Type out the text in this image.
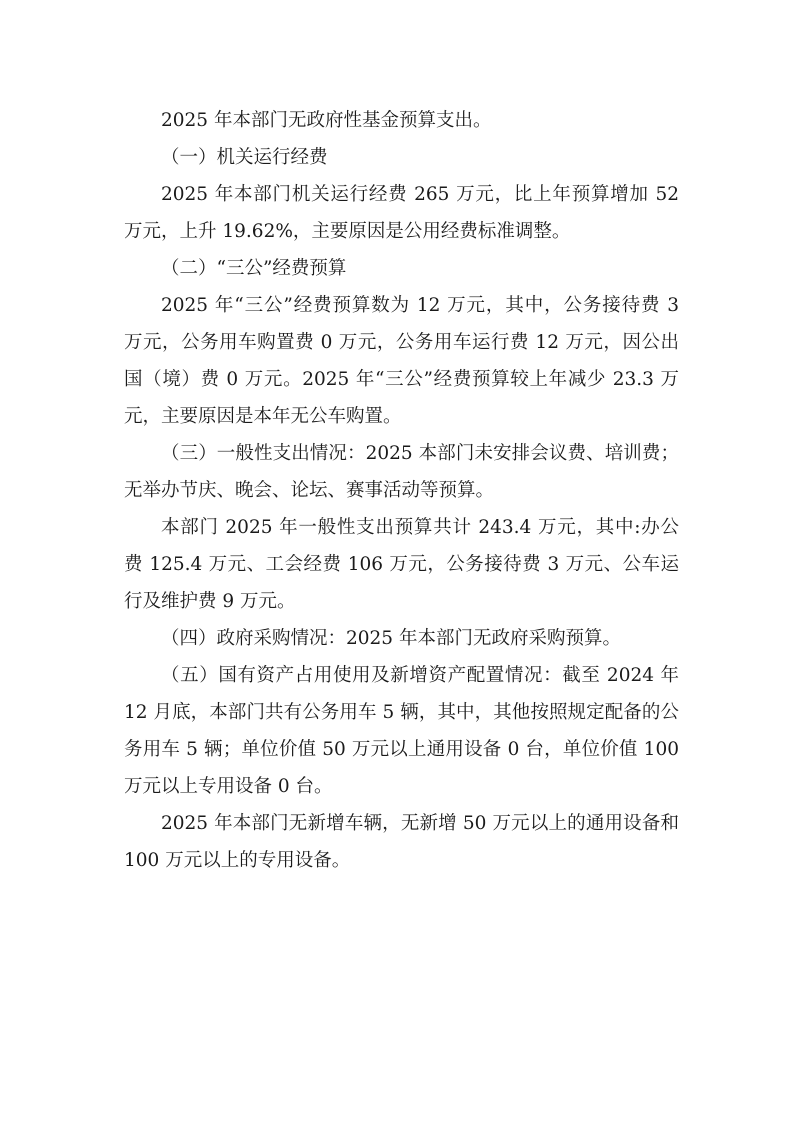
2025 年本部门无政府性基金预算支出。

（一）机关运行经费

2025 年本部门机关运行经费 265 万元，比上年预算增加 52 万元，上升 19.62%，主要原因是公用经费标准调整。

（二）“三公”经费预算

2025 年“三公”经费预算数为 12 万元，其中，公务接待费 3 万元，公务用车购置费 0 万元，公务用车运行费 12 万元，因公出国（境）费 0 万元。2025 年“三公”经费预算较上年减少 23.3 万元，主要原因是本年无公车购置。

（三）一般性支出情况：2025 本部门未安排会议费、培训费；无举办节庆、晚会、论坛、赛事活动等预算。

本部门 2025 年一般性支出预算共计 243.4 万元，其中:办公费 125.4 万元、工会经费 106 万元，公务接待费 3 万元、公车运行及维护费 9 万元。

（四）政府采购情况：2025 年本部门无政府采购预算。

（五）国有资产占用使用及新增资产配置情况：截至 2024 年 12 月底，本部门共有公务用车 5 辆，其中，其他按照规定配备的公务用车 5 辆；单位价值 50 万元以上通用设备 0 台，单位价值 100 万元以上专用设备 0 台。

2025 年本部门无新增车辆，无新增 50 万元以上的通用设备和 100 万元以上的专用设备。
